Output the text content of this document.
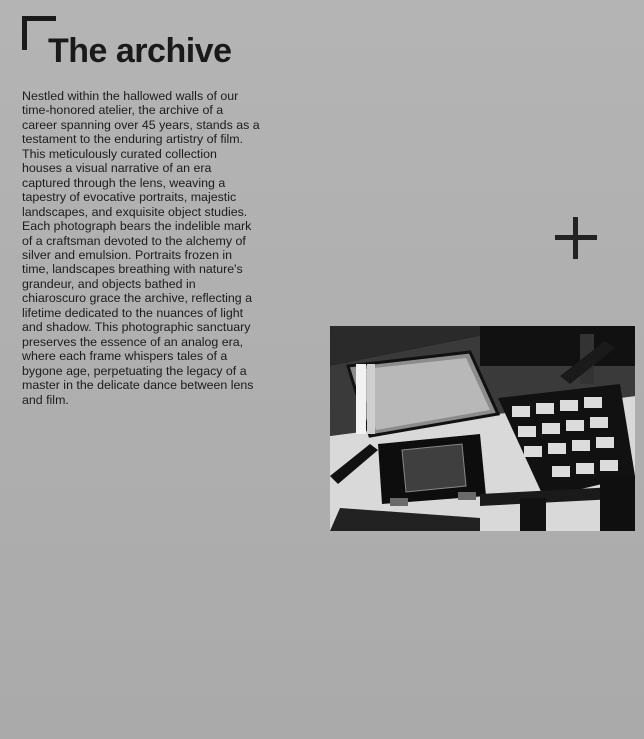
The archive

Nestled within the hallowed walls of our time-honored atelier, the archive of a career spanning over 45 years, stands as a testament to the enduring artistry of film. This meticulously curated collection houses a visual narrative of an era captured through the lens, weaving a tapestry of evocative portraits, majestic landscapes, and exquisite object studies. Each photograph bears the indelible mark of a craftsman devoted to the alchemy of silver and emulsion. Portraits frozen in time, landscapes breathing with nature's grandeur, and objects bathed in chiaroscuro grace the archive, reflecting a lifetime dedicated to the nuances of light and shadow. This photographic sanctuary preserves the essence of an analog era, where each frame whispers tales of a bygone age, perpetuating the legacy of a master in the delicate dance between lens and film.
